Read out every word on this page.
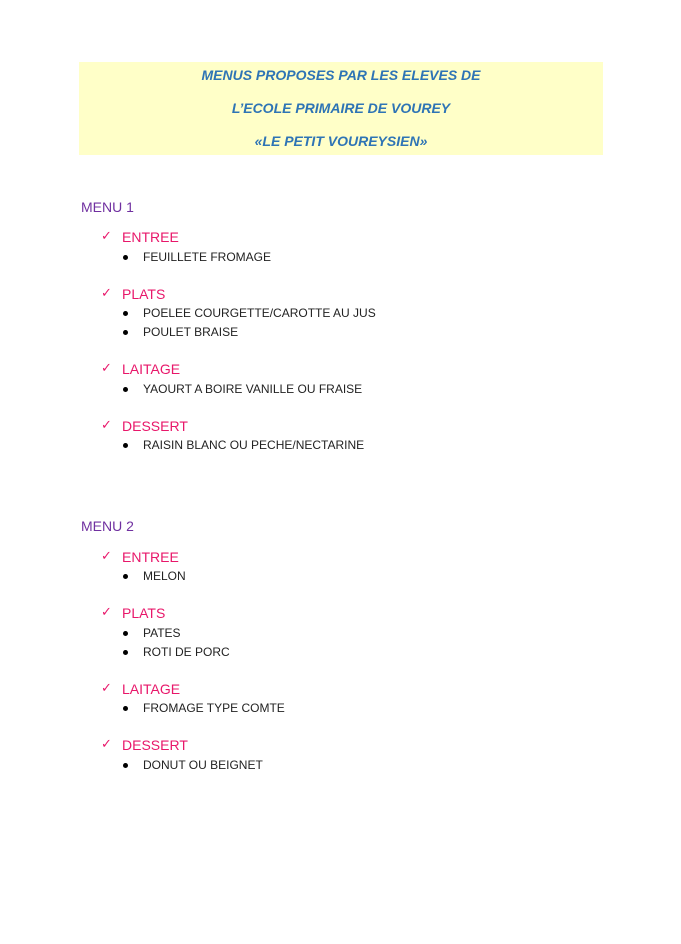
MENUS PROPOSES PAR LES ELEVES DE
L’ECOLE PRIMAIRE DE VOUREY
«LE PETIT VOUREYSIEN»
MENU 1
✓ ENTREE
FEUILLETE FROMAGE
✓ PLATS
POELEE COURGETTE/CAROTTE AU JUS
POULET BRAISE
✓ LAITAGE
YAOURT A BOIRE VANILLE OU FRAISE
✓ DESSERT
RAISIN BLANC OU PECHE/NECTARINE
MENU 2
✓ ENTREE
MELON
✓ PLATS
PATES
ROTI DE PORC
✓ LAITAGE
FROMAGE TYPE COMTE
✓ DESSERT
DONUT OU BEIGNET
